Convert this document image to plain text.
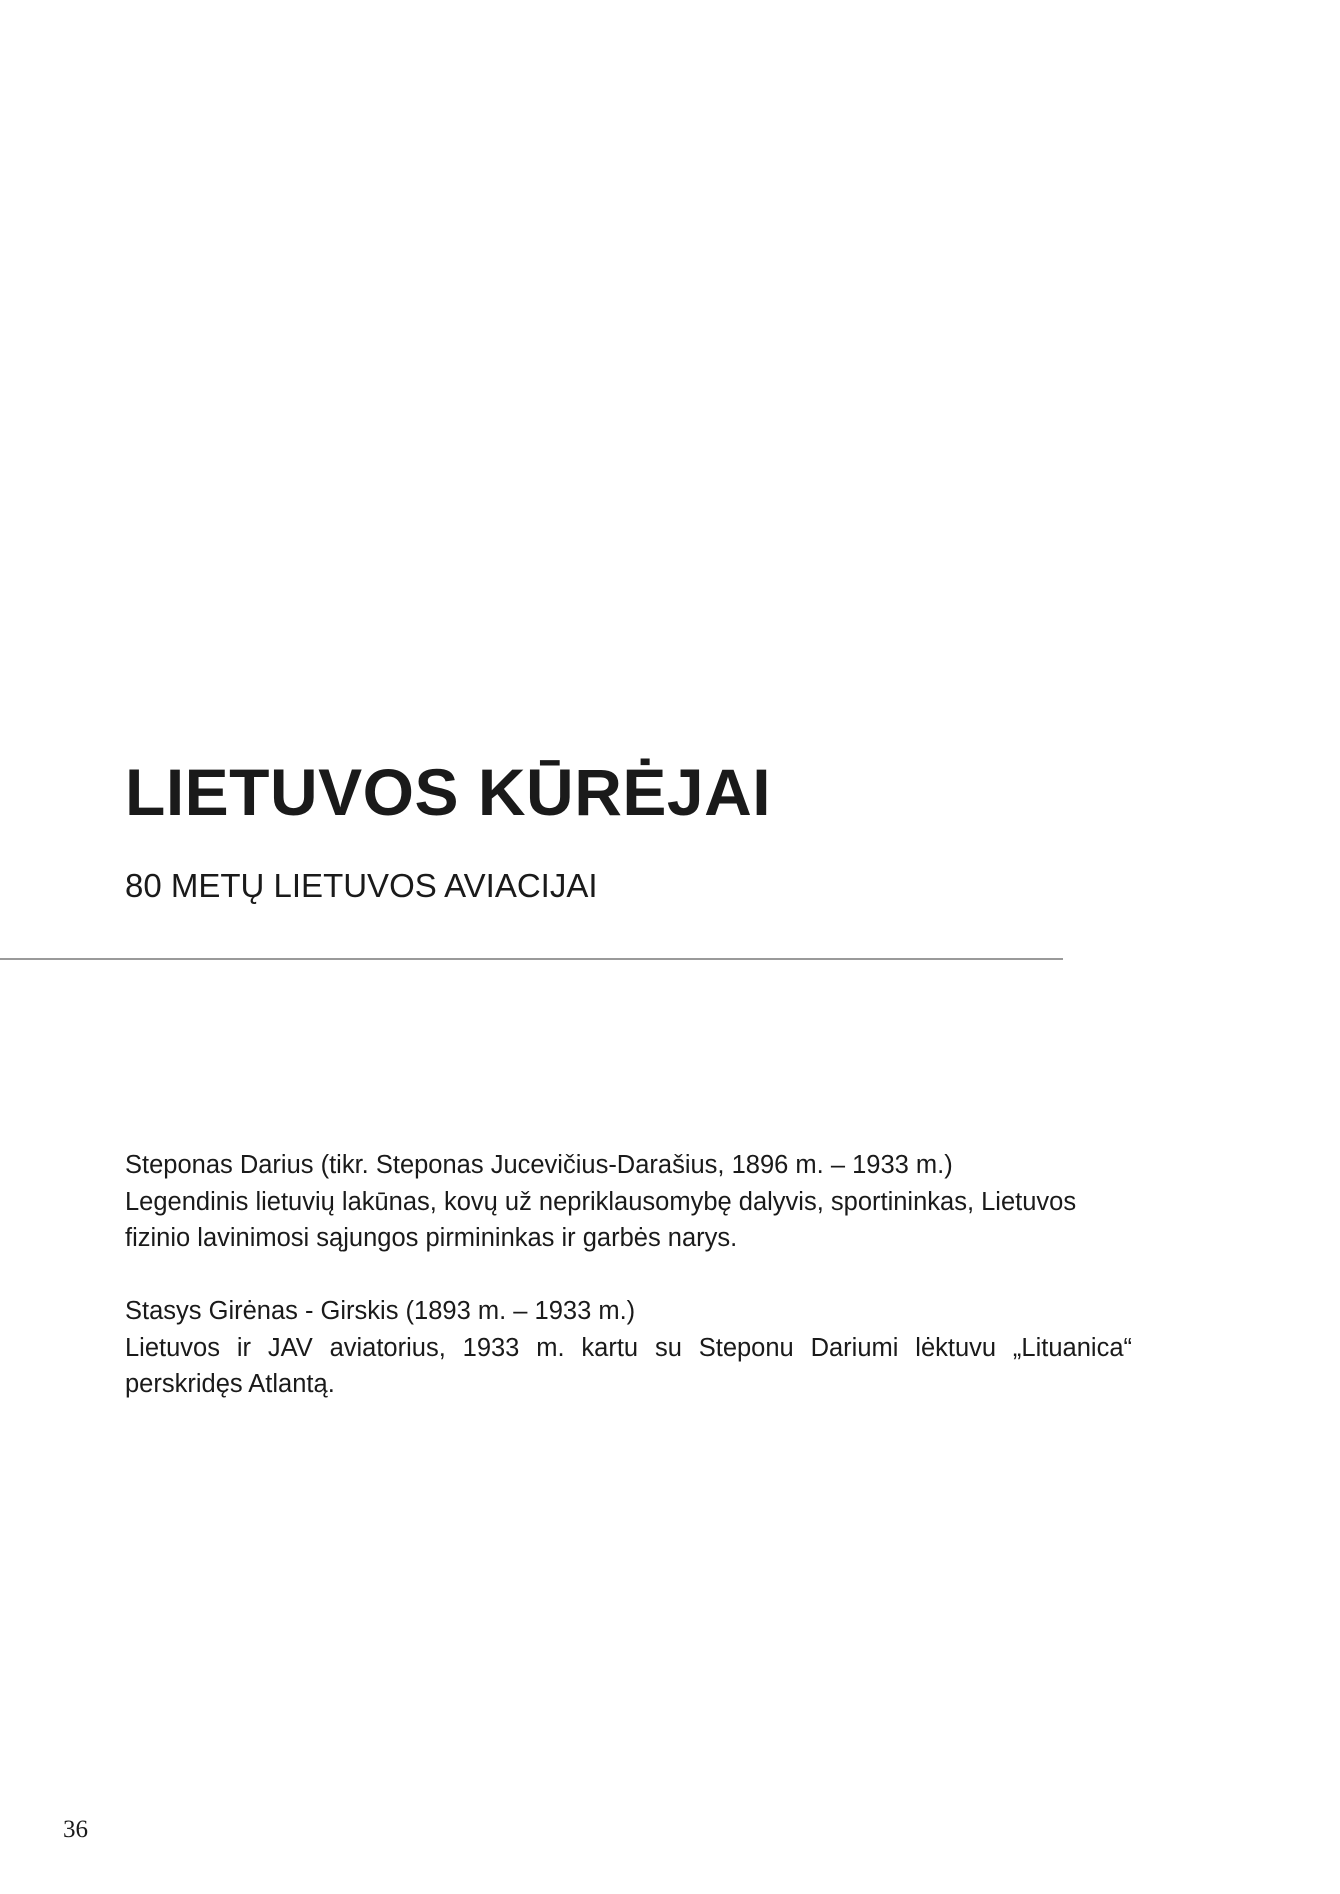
LIETUVOS KŪRĖJAI
80 METŲ LIETUVOS AVIACIJAI

Steponas Darius (tikr. Steponas Jucevičius-Darašius, 1896 m. – 1933 m.)
Legendinis lietuvių lakūnas, kovų už nepriklausomybę dalyvis, sportininkas, Lietuvos
fizinio lavinimosi sąjungos pirmininkas ir garbės narys.

Stasys Girėnas - Girskis (1893 m. – 1933 m.)
Lietuvos ir JAV aviatorius, 1933 m. kartu su Steponu Dariumi lėktuvu „Lituanica“
perskridęs Atlantą.

36
